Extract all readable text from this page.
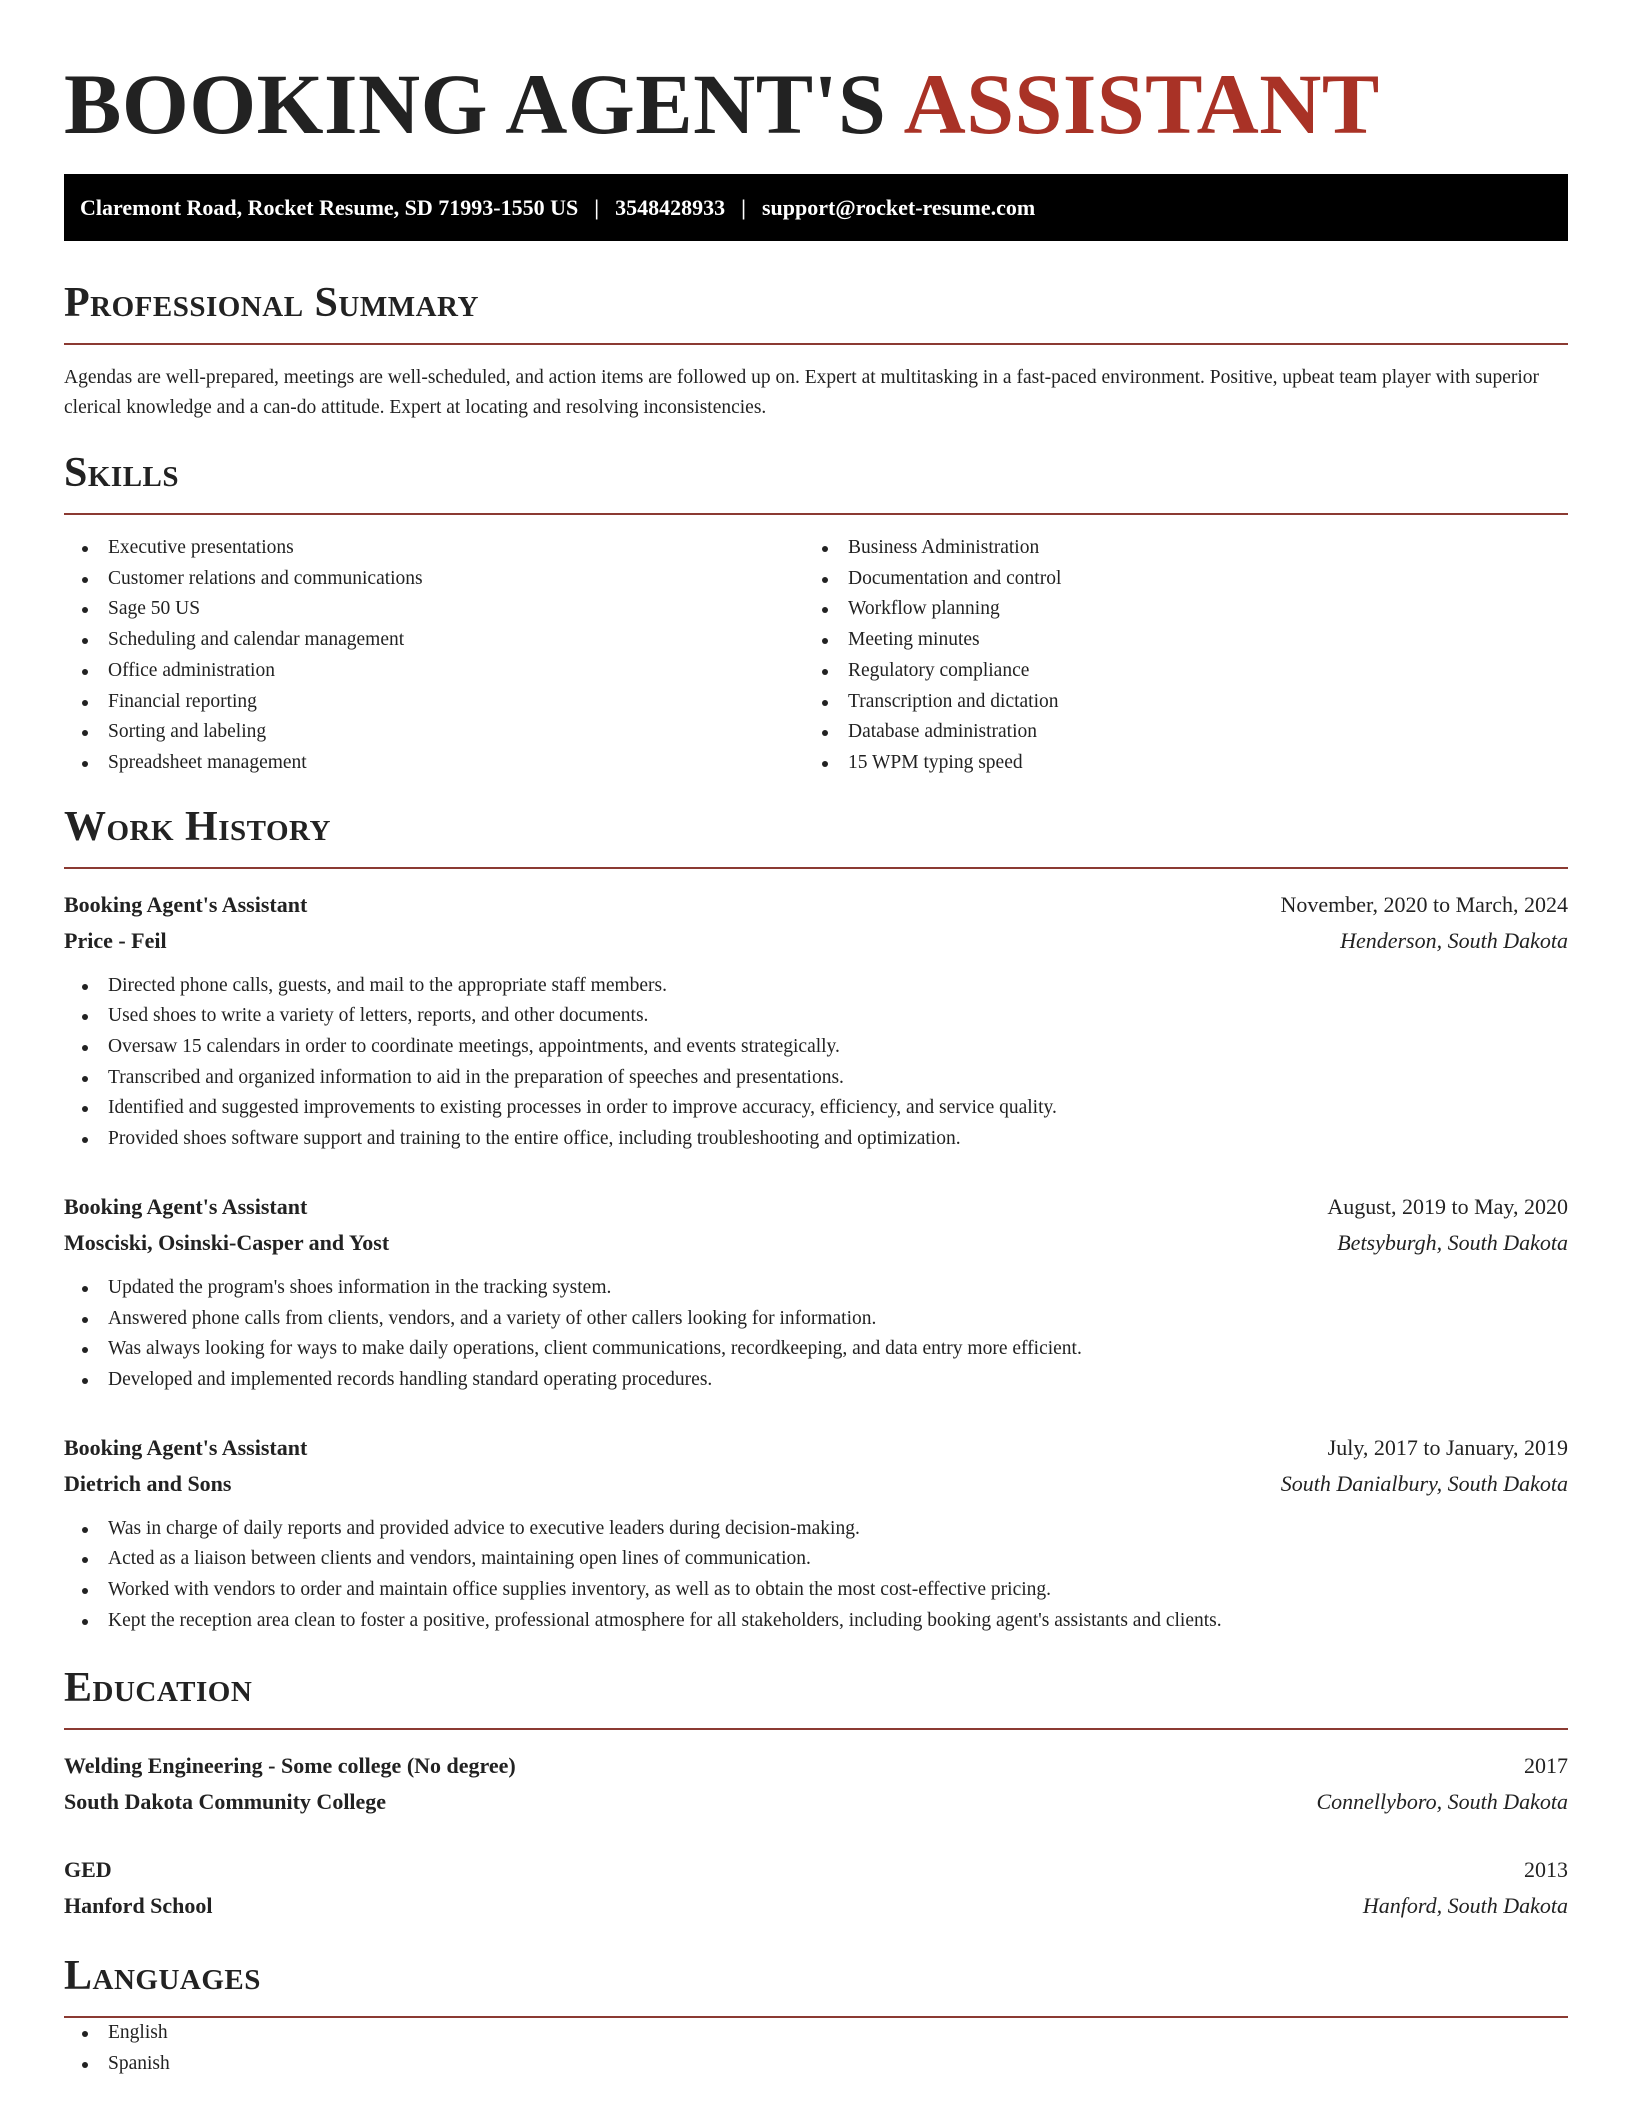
BOOKING AGENT'S ASSISTANT
Claremont Road, Rocket Resume, SD 71993-1550 US | 3548428933 | support@rocket-resume.com
Professional Summary

Agendas are well-prepared, meetings are well-scheduled, and action items are followed up on. Expert at multitasking in a fast-paced environment. Positive, upbeat team player with superior clerical knowledge and a can-do attitude. Expert at locating and resolving inconsistencies.

Skills
Executive presentations
Customer relations and communications
Sage 50 US
Scheduling and calendar management
Office administration
Financial reporting
Sorting and labeling
Spreadsheet management
Business Administration
Documentation and control
Workflow planning
Meeting minutes
Regulatory compliance
Transcription and dictation
Database administration
15 WPM typing speed
Work History
Booking Agent's Assistant	November, 2020 to March, 2024
Price - Feil	Henderson, South Dakota
Directed phone calls, guests, and mail to the appropriate staff members.
Used shoes to write a variety of letters, reports, and other documents.
Oversaw 15 calendars in order to coordinate meetings, appointments, and events strategically.
Transcribed and organized information to aid in the preparation of speeches and presentations.
Identified and suggested improvements to existing processes in order to improve accuracy, efficiency, and service quality.
Provided shoes software support and training to the entire office, including troubleshooting and optimization.
Booking Agent's Assistant	August, 2019 to May, 2020
Mosciski, Osinski-Casper and Yost	Betsyburgh, South Dakota
Updated the program's shoes information in the tracking system.
Answered phone calls from clients, vendors, and a variety of other callers looking for information.
Was always looking for ways to make daily operations, client communications, recordkeeping, and data entry more efficient.
Developed and implemented records handling standard operating procedures.
Booking Agent's Assistant	July, 2017 to January, 2019
Dietrich and Sons	South Danialbury, South Dakota
Was in charge of daily reports and provided advice to executive leaders during decision-making.
Acted as a liaison between clients and vendors, maintaining open lines of communication.
Worked with vendors to order and maintain office supplies inventory, as well as to obtain the most cost-effective pricing.
Kept the reception area clean to foster a positive, professional atmosphere for all stakeholders, including booking agent's assistants and clients.
Education
Welding Engineering - Some college (No degree)	2017
South Dakota Community College	Connellyboro, South Dakota
GED	2013
Hanford School	Hanford, South Dakota
Languages
English
Spanish
